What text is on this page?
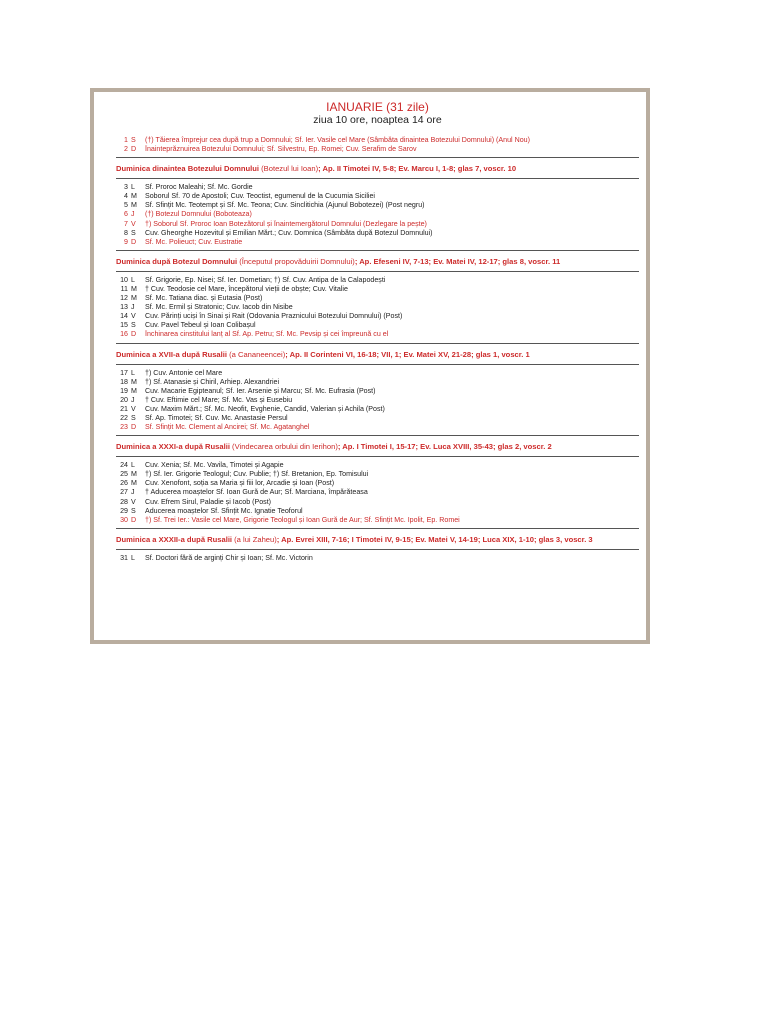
IANUARIE (31 zile)

ziua 10 ore, noaptea 14 ore

1 S	(†) Tăierea împrejur cea după trup a Domnului; Sf. Ier. Vasile cel Mare (Sâmbăta dinaintea Botezului Domnului) (Anul Nou)
2 D	Înainteprăznuirea Botezului Domnului; Sf. Silvestru, Ep. Romei; Cuv. Serafim de Sarov
Duminica dinaintea Botezului Domnului (Botezul lui Ioan); Ap. II Timotei IV, 5-8; Ev. Marcu I, 1-8; glas 7, voscr. 10
3 L	Sf. Proroc Maleahi; Sf. Mc. Gordie
4 M	Soborul Sf. 70 de Apostoli; Cuv. Teoctist, egumenul de la Cucumia Siciliei
5 M	Sf. Sfințit Mc. Teotempt și Sf. Mc. Teona; Cuv. Sinclitichia (Ajunul Bobotezei) (Post negru)
6 J	(†) Botezul Domnului (Boboteaza)
7 V	†) Soborul Sf. Proroc Ioan Botezătorul și Înaintemergătorul Domnului (Dezlegare la pește)
8 S	Cuv. Gheorghe Hozevitul și Emilian Mărt.; Cuv. Domnica (Sâmbăta după Botezul Domnului)
9 D	Sf. Mc. Polieuct; Cuv. Eustratie
Duminica după Botezul Domnului (Începutul propovăduirii Domnului); Ap. Efeseni IV, 7-13; Ev. Matei IV, 12-17; glas 8, voscr. 11
10 L	Sf. Grigorie, Ep. Nisei; Sf. Ier. Dometian; †) Sf. Cuv. Antipa de la Calapodești
11 M	† Cuv. Teodosie cel Mare, începătorul vieții de obște; Cuv. Vitalie
12 M	Sf. Mc. Tatiana diac. și Eutasia (Post)
13 J	Sf. Mc. Ermil și Stratonic; Cuv. Iacob din Nisibe
14 V	Cuv. Părinți uciși în Sinai și Rait (Odovania Praznicului Botezului Domnului) (Post)
15 S	Cuv. Pavel Tebeul și Ioan Colibașul
16 D	Închinarea cinstitului lanț al Sf. Ap. Petru; Sf. Mc. Pevsip și cei împreună cu el
Duminica a XVII-a după Rusalii (a Cananeencei); Ap. II Corinteni VI, 16-18; VII, 1; Ev. Matei XV, 21-28; glas 1, voscr. 1
17 L	†) Cuv. Antonie cel Mare
18 M	†) Sf. Atanasie și Chiril, Arhiep. Alexandriei
19 M	Cuv. Macarie Egipteanul; Sf. Ier. Arsenie și Marcu; Sf. Mc. Eufrasia (Post)
20 J	† Cuv. Eftimie cel Mare; Sf. Mc. Vas și Eusebiu
21 V	Cuv. Maxim Mărt.; Sf. Mc. Neofit, Evghenie, Candid, Valerian și Achila (Post)
22 S	Sf. Ap. Timotei; Sf. Cuv. Mc. Anastasie Persul
23 D	Sf. Sfințit Mc. Clement al Ancirei; Sf. Mc. Agatanghel
Duminica a XXXI-a după Rusalii (Vindecarea orbului din Ierihon); Ap. I Timotei I, 15-17; Ev. Luca XVIII, 35-43; glas 2, voscr. 2
24 L	Cuv. Xenia; Sf. Mc. Vavila, Timotei și Agapie
25 M	†) Sf. Ier. Grigorie Teologul; Cuv. Publie; †) Sf. Bretanion, Ep. Tomisului
26 M	Cuv. Xenofont, soția sa Maria și fiii lor, Arcadie și Ioan (Post)
27 J	† Aducerea moaștelor Sf. Ioan Gură de Aur; Sf. Marciana, împărăteasa
28 V	Cuv. Efrem Sirul, Paladie și Iacob (Post)
29 S	Aducerea moaștelor Sf. Sfințit Mc. Ignatie Teoforul
30 D	†) Sf. Trei Ier.: Vasile cel Mare, Grigorie Teologul și Ioan Gură de Aur; Sf. Sfințit Mc. Ipolit, Ep. Romei
Duminica a XXXII-a după Rusalii (a lui Zaheu); Ap. Evrei XIII, 7-16; I Timotei IV, 9-15; Ev. Matei V, 14-19; Luca XIX, 1-10; glas 3, voscr. 3
31 L	Sf. Doctori fără de arginți Chir și Ioan; Sf. Mc. Victorin
